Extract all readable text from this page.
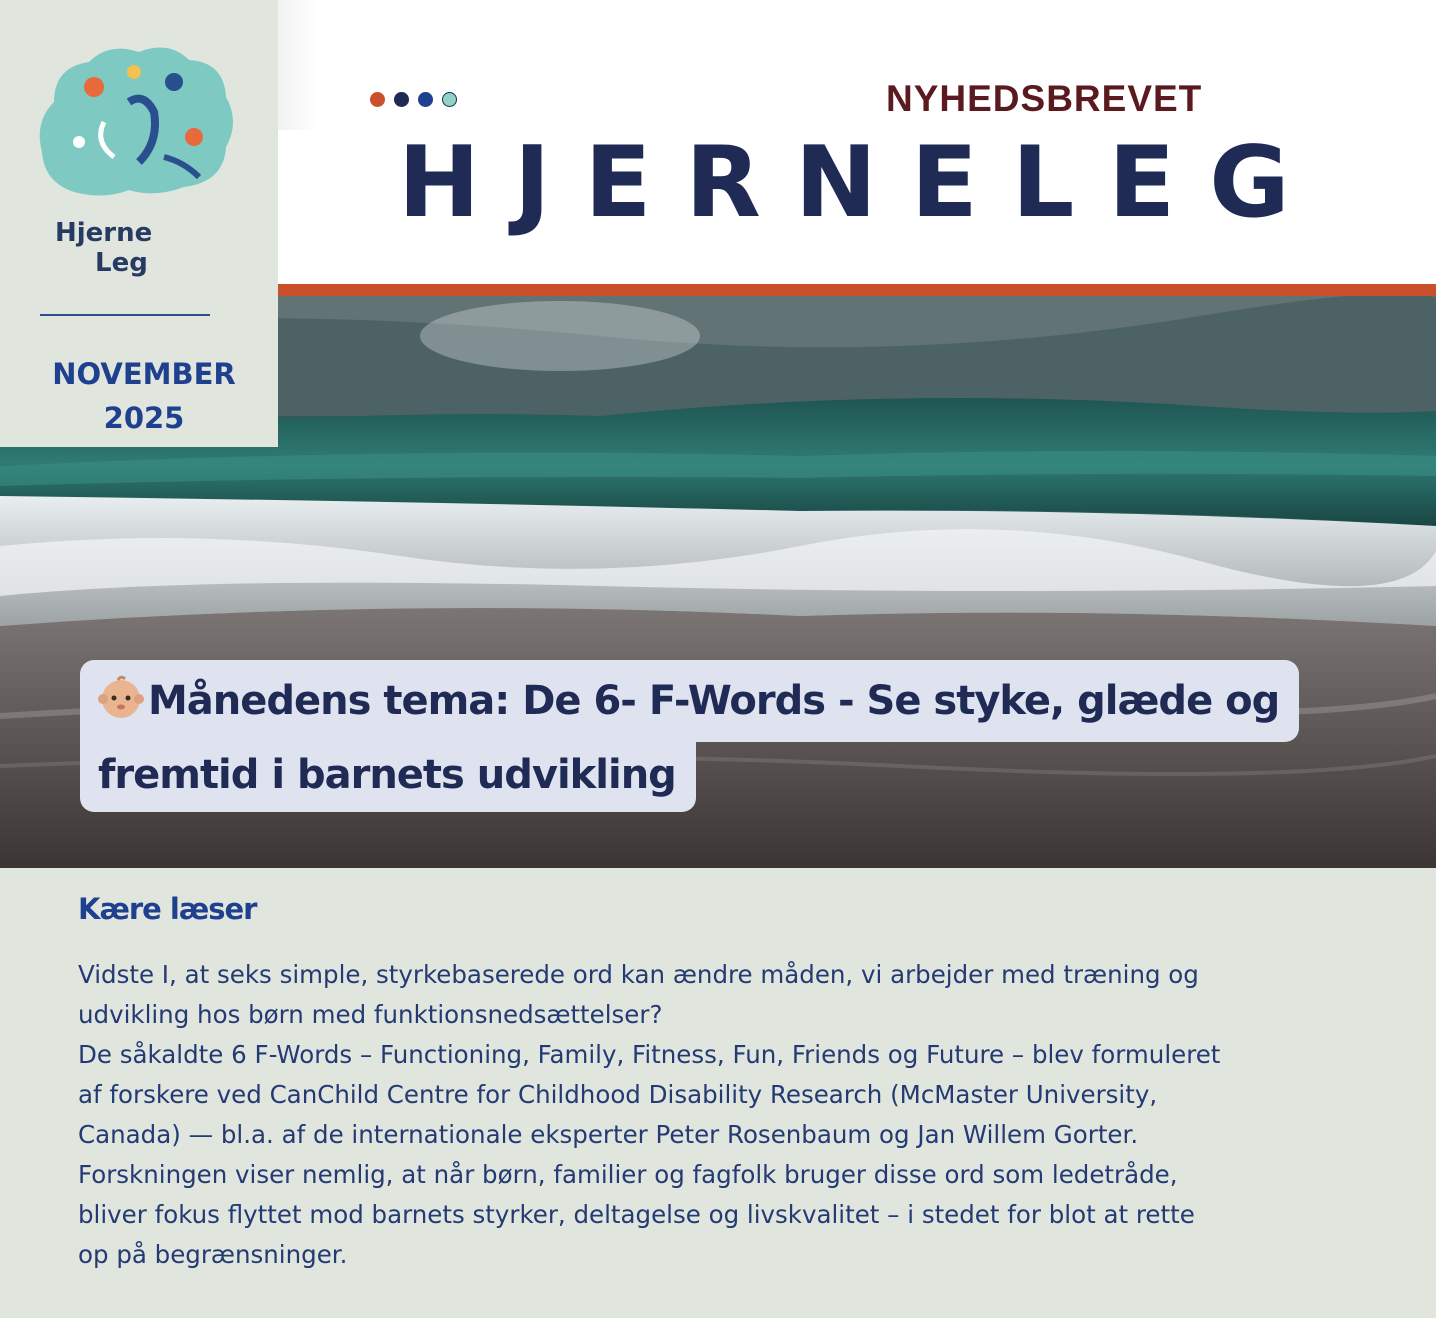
NYHEDSBREVET
HJERNELEG
Hjerne
Leg
NOVEMBER
2025
Månedens tema: De 6- F-Words - Se styke, glæde og
fremtid i barnets udvikling
Kære læser
Vidste I, at seks simple, styrkebaserede ord kan ændre måden, vi arbejder med træning og
udvikling hos børn med funktionsnedsættelser?
De såkaldte 6 F-Words – Functioning, Family, Fitness, Fun, Friends og Future – blev formuleret
af forskere ved CanChild Centre for Childhood Disability Research (McMaster University,
Canada) — bl.a. af de internationale eksperter Peter Rosenbaum og Jan Willem Gorter.
Forskningen viser nemlig, at når børn, familier og fagfolk bruger disse ord som ledetråde,
bliver fokus flyttet mod barnets styrker, deltagelse og livskvalitet – i stedet for blot at rette
op på begrænsninger.
